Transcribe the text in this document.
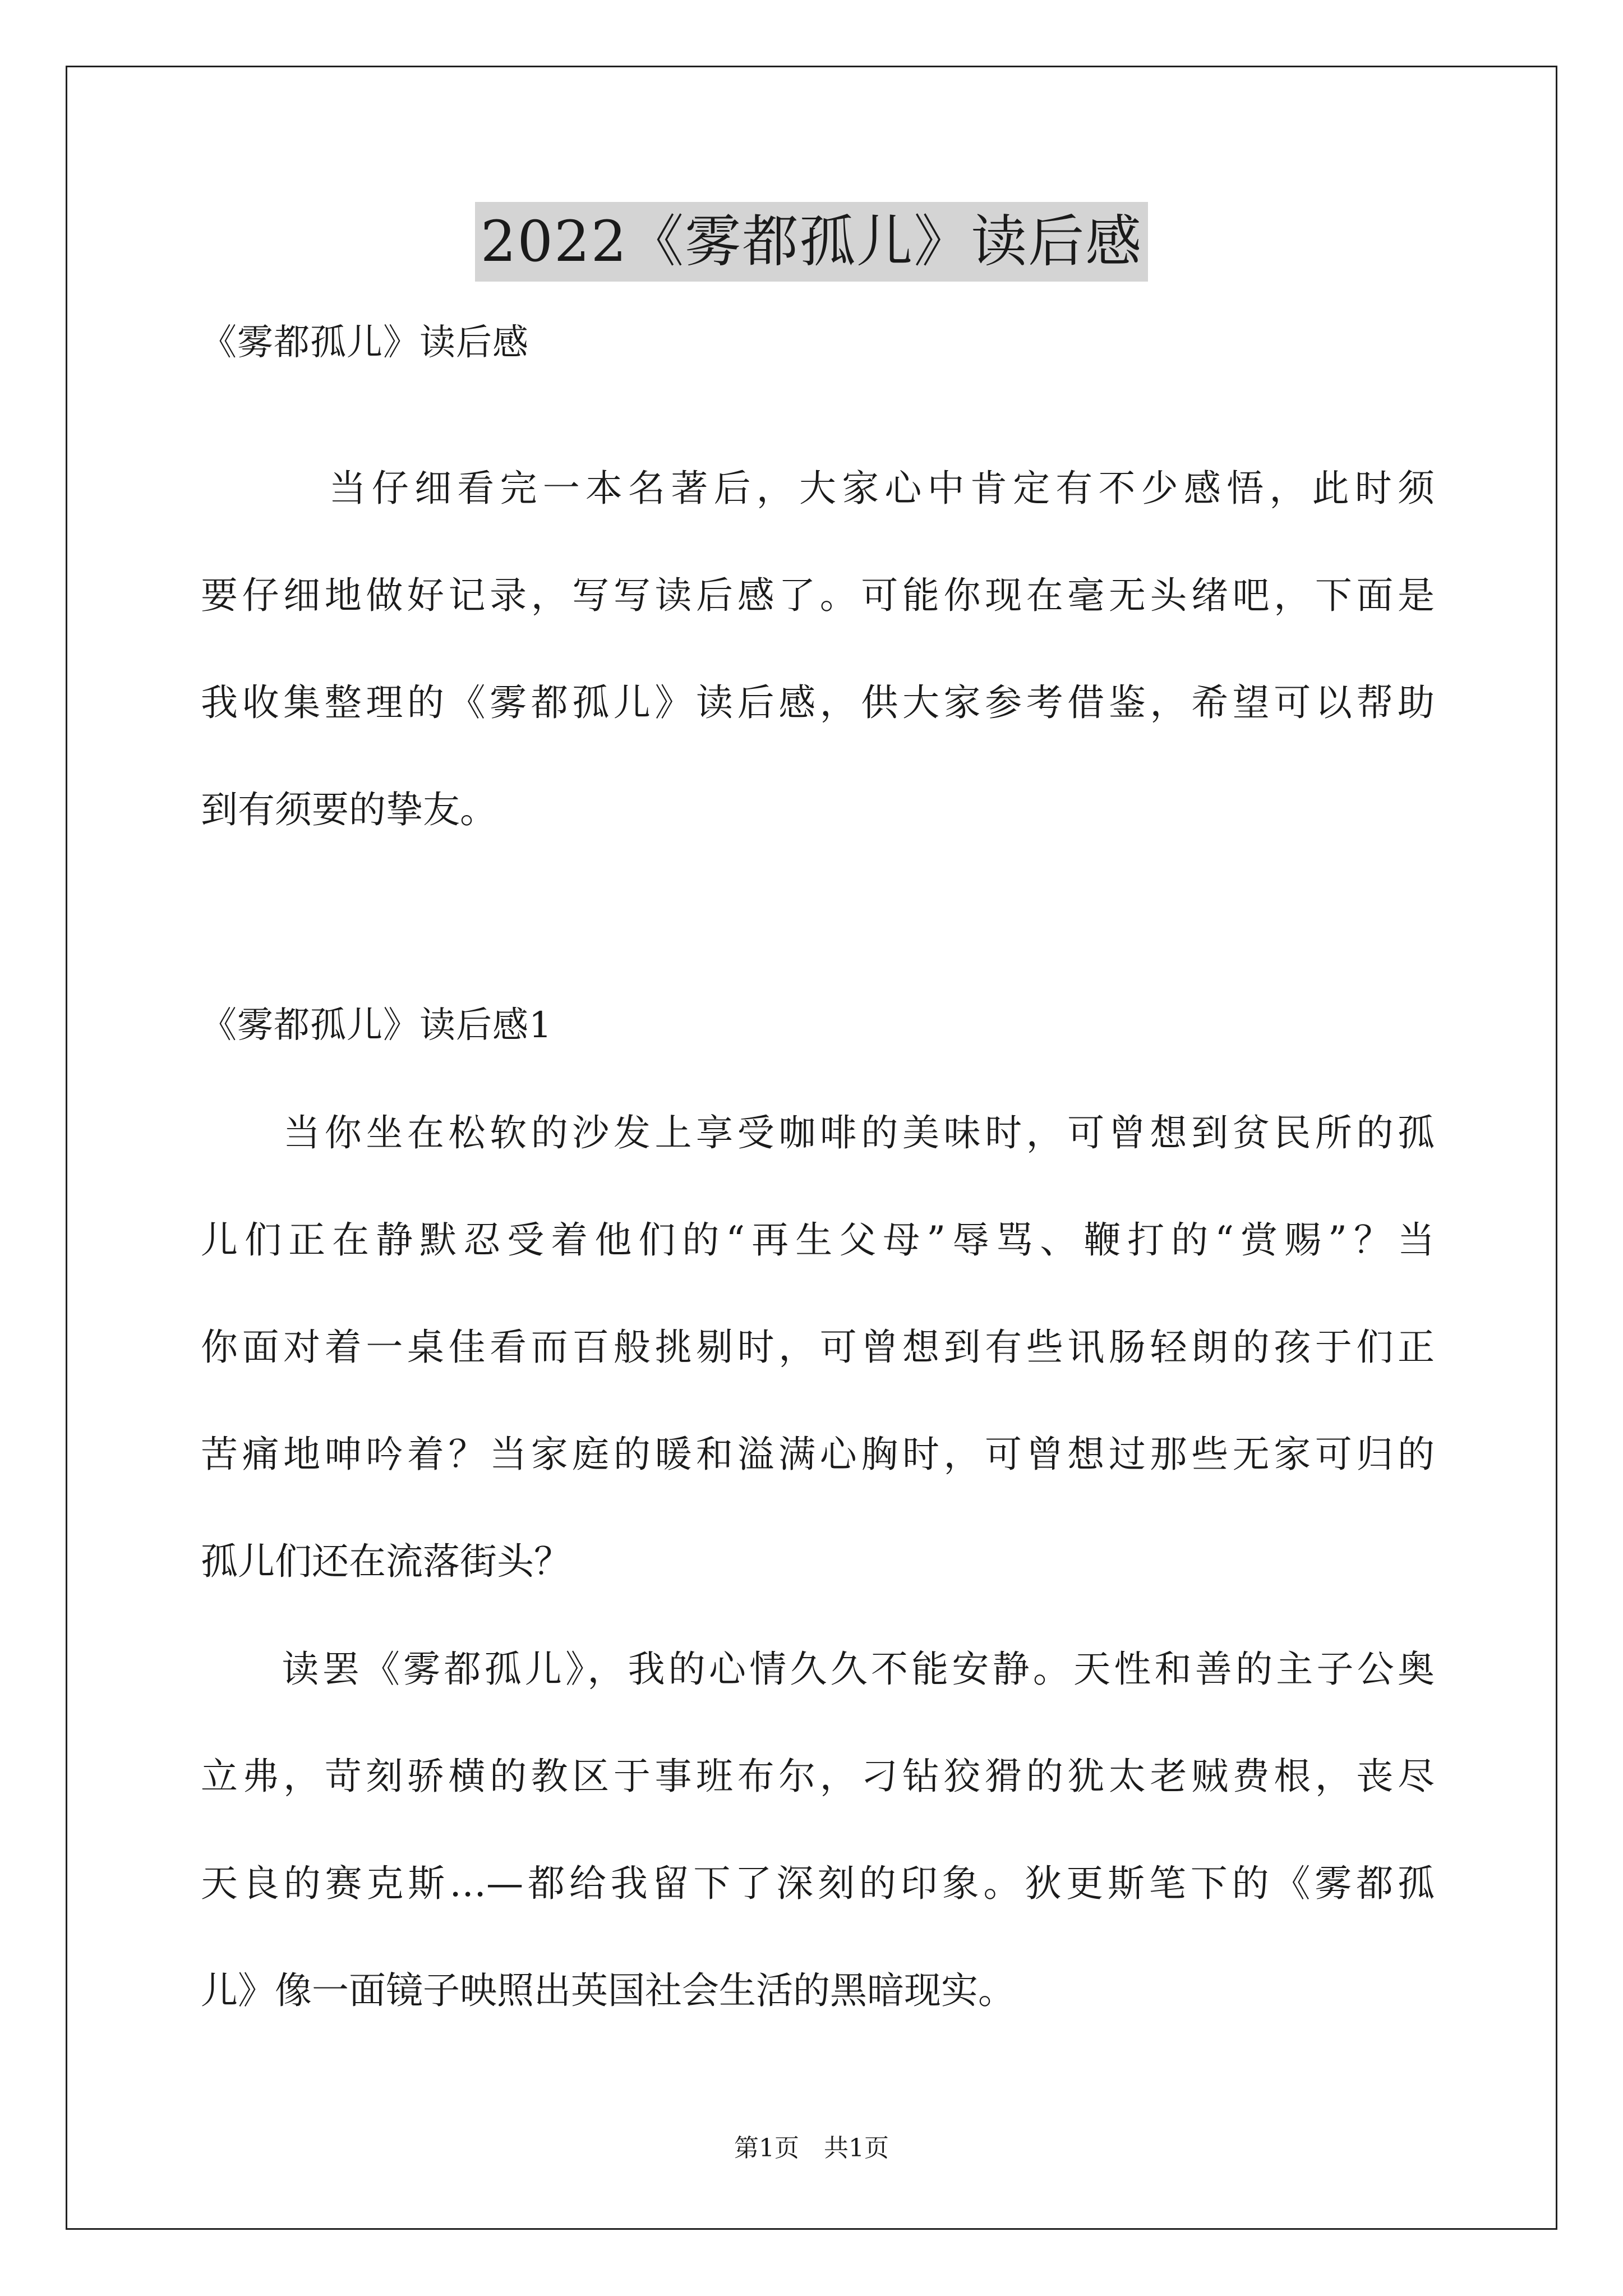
2022《雾都孤儿》读后感
《雾都孤儿》读后感
　　　当仔细看完一本名著后，大家心中肯定有不少感悟，此时须
要仔细地做好记录，写写读后感了。可能你现在毫无头绪吧，下面是
我收集整理的《雾都孤儿》读后感，供大家参考借鉴，希望可以帮助
到有须要的挚友。
《雾都孤儿》读后感1
　　当你坐在松软的沙发上享受咖啡的美味时，可曾想到贫民所的孤
儿们正在静默忍受着他们的“再生父母”辱骂、鞭打的“赏赐”？当
你面对着一桌佳看而百般挑剔时，可曾想到有些讯肠轻朗的孩于们正
苦痛地呻吟着？当家庭的暖和溢满心胸时，可曾想过那些无家可归的
孤儿们还在流落街头？
　　读罢《雾都孤儿》，我的心情久久不能安静。天性和善的主子公奥
立弗，苛刻骄横的教区于事班布尔，刁钻狡猾的犹太老贼费根，丧尽
天良的赛克斯…—都给我留下了深刻的印象。狄更斯笔下的《雾都孤
儿》像一面镜子映照出英国社会生活的黑暗现实。
第1页　共1页
